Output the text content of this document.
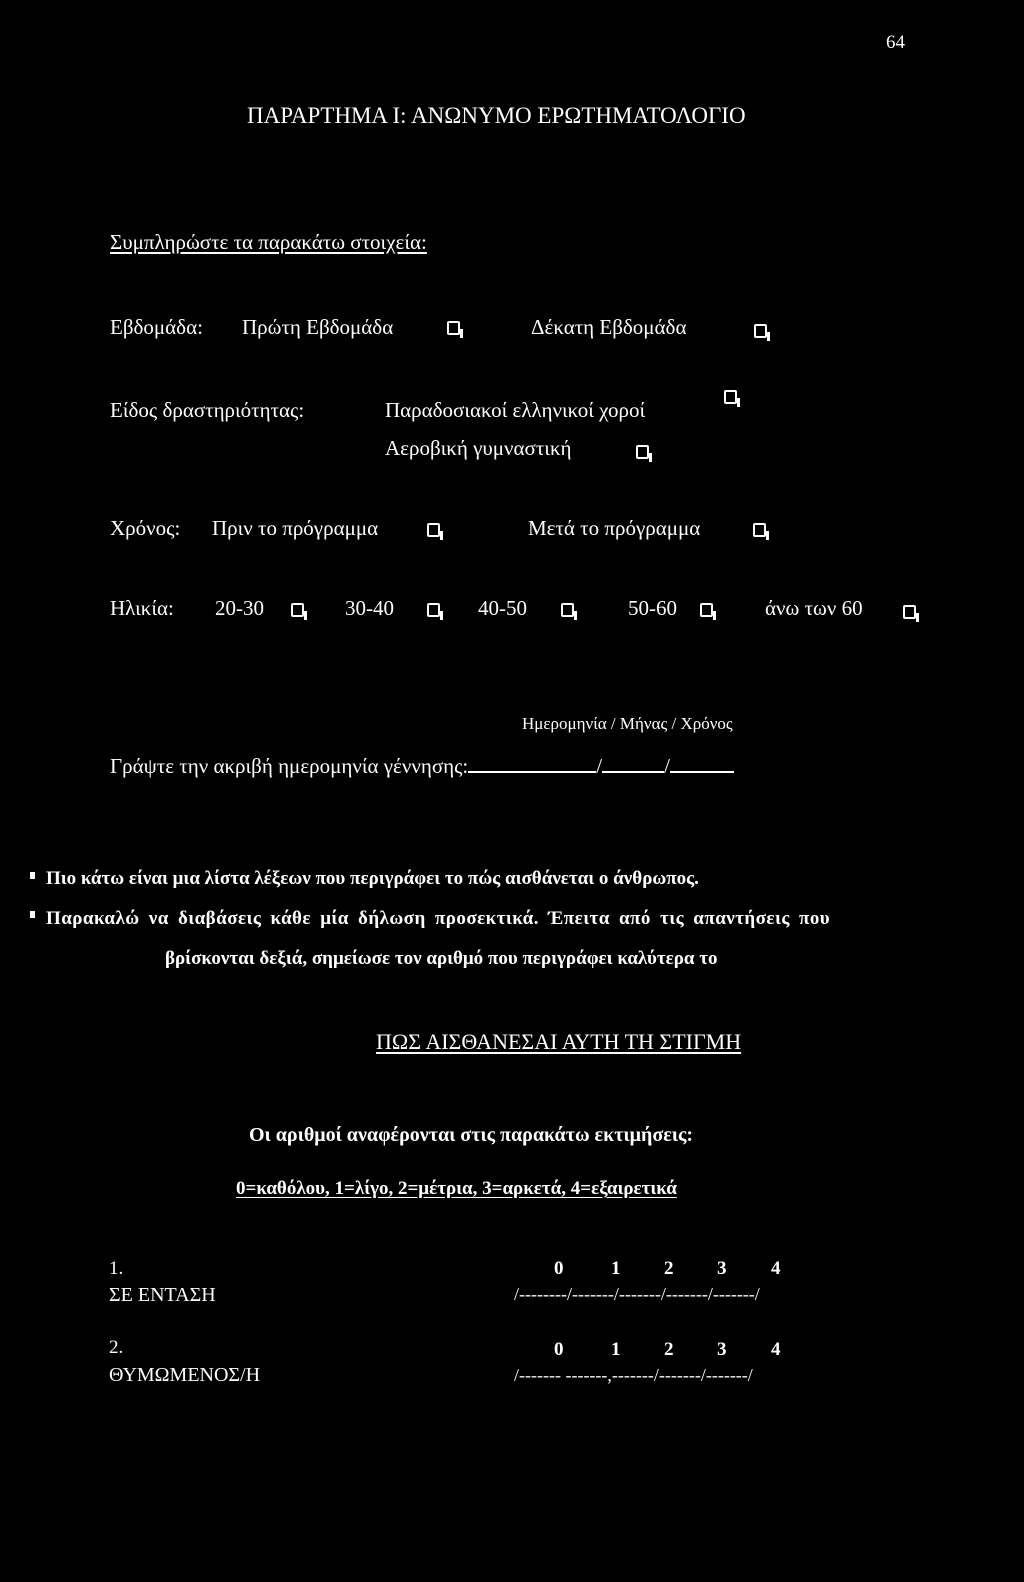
64
ΠΑΡΑΡΤΗΜΑ Ι: ΑΝΩΝΥΜΟ ΕΡΩΤΗΜΑΤΟΛΟΓΙΟ
Συμπληρώστε τα παρακάτω στοιχεία:
Εβδομάδα: Πρώτη Εβδομάδα	Δέκατη Εβδομάδα
Είδος δραστηριότητας:	Παραδοσιακοί ελληνικοί χοροί
Αεροβική γυμναστική
Χρόνος: Πριν το πρόγραμμα	Μετά το πρόγραμμα
Ηλικία: 20-30	30-40	40-50	50-60	άνω των 60
Ημερομηνία / Μήνας / Χρόνος
Γράψτε την ακριβή ημερομηνία γέννησης:	/	/
Πιο κάτω είναι μια λίστα λέξεων που περιγράφει το πώς αισθάνεται ο άνθρωπος.
Παρακαλώ να διαβάσεις κάθε μία δήλωση προσεκτικά. Έπειτα από τις απαντήσεις που
βρίσκονται δεξιά, σημείωσε τον αριθμό που περιγράφει καλύτερα το
ΠΩΣ ΑΙΣΘΑΝΕΣΑΙ ΑΥΤΗ ΤΗ ΣΤΙΓΜΗ
Οι αριθμοί αναφέρονται στις παρακάτω εκτιμήσεις:
0=καθόλου, 1=λίγο, 2=μέτρια, 3=αρκετά, 4=εξαιρετικά
1.
ΣΕ ΕΝΤΑΣΗ
0	1 2 3 4
/--------/-------/-------/-------/-------/
2.
ΘΥΜΩΜΕΝΟΣ/Η
0	1 2 3 4
/------- -------,-------/-------/-------/
